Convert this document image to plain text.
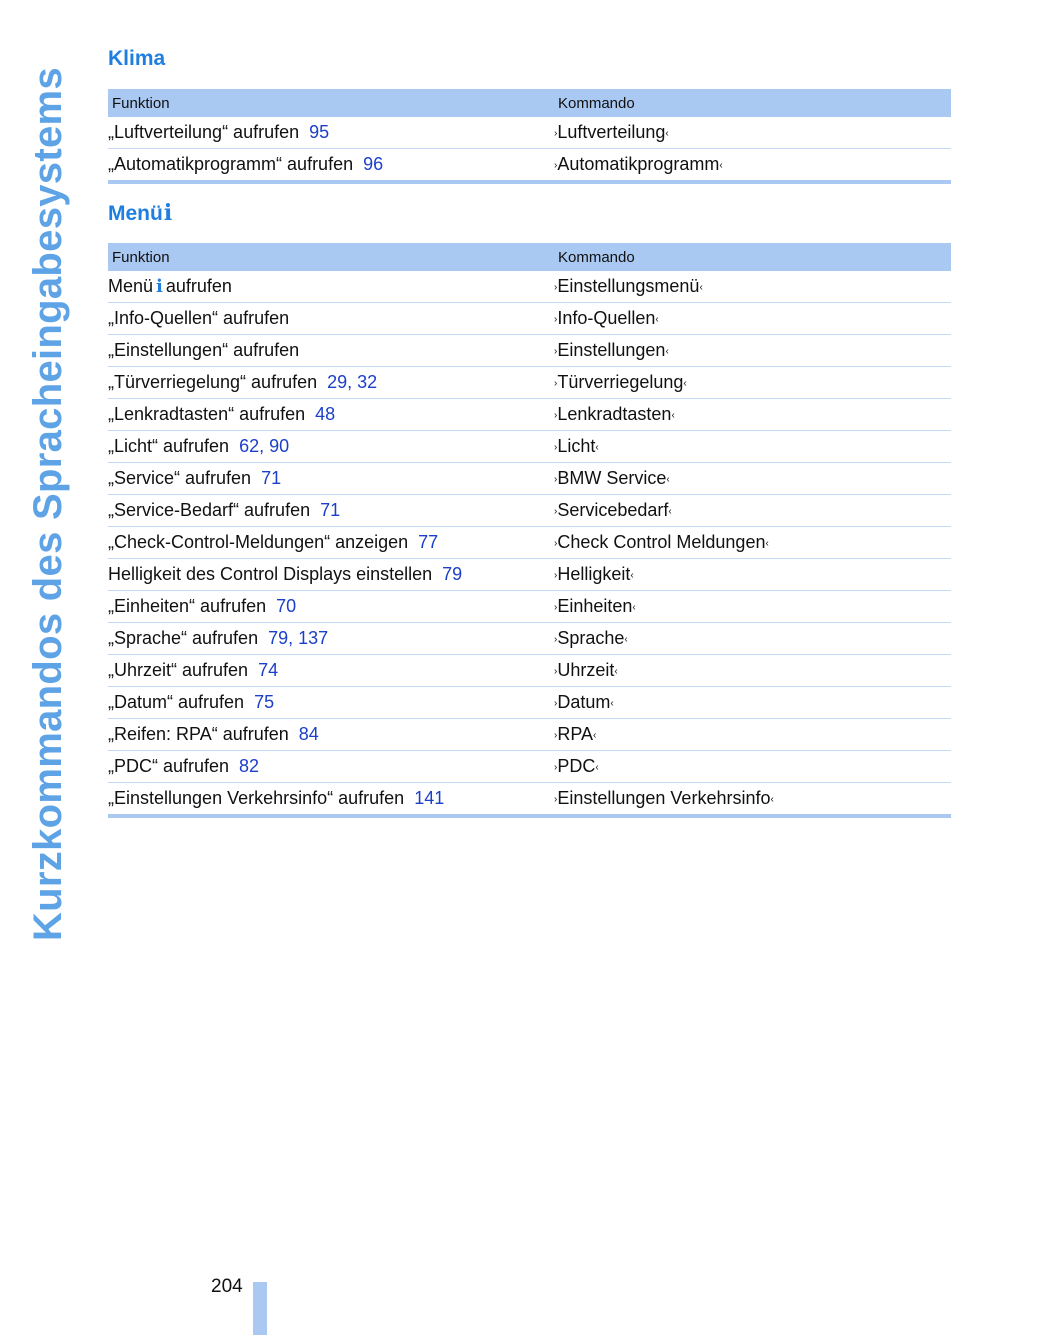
Kurzkommandos des Spracheingabesystems
Klima
Funktion	Kommando
„Luftverteilung“ aufrufen 95	›Luftverteilung‹
„Automatikprogramm“ aufrufen 96	›Automatikprogramm‹
Menüi
Funktion	Kommando
Menü i aufrufen	›Einstellungsmenü‹
„Info-Quellen“ aufrufen	›Info-Quellen‹
„Einstellungen“ aufrufen	›Einstellungen‹
„Türverriegelung“ aufrufen 29, 32	›Türverriegelung‹
„Lenkradtasten“ aufrufen 48	›Lenkradtasten‹
„Licht“ aufrufen 62, 90	›Licht‹
„Service“ aufrufen 71	›BMW Service‹
„Service-Bedarf“ aufrufen 71	›Servicebedarf‹
„Check-Control-Meldungen“ anzeigen 77	›Check Control Meldungen‹
Helligkeit des Control Displays einstellen 79	›Helligkeit‹
„Einheiten“ aufrufen 70	›Einheiten‹
„Sprache“ aufrufen 79, 137	›Sprache‹
„Uhrzeit“ aufrufen 74	›Uhrzeit‹
„Datum“ aufrufen 75	›Datum‹
„Reifen: RPA“ aufrufen 84	›RPA‹
„PDC“ aufrufen 82	›PDC‹
„Einstellungen Verkehrsinfo“ aufrufen 141	›Einstellungen Verkehrsinfo‹
204
